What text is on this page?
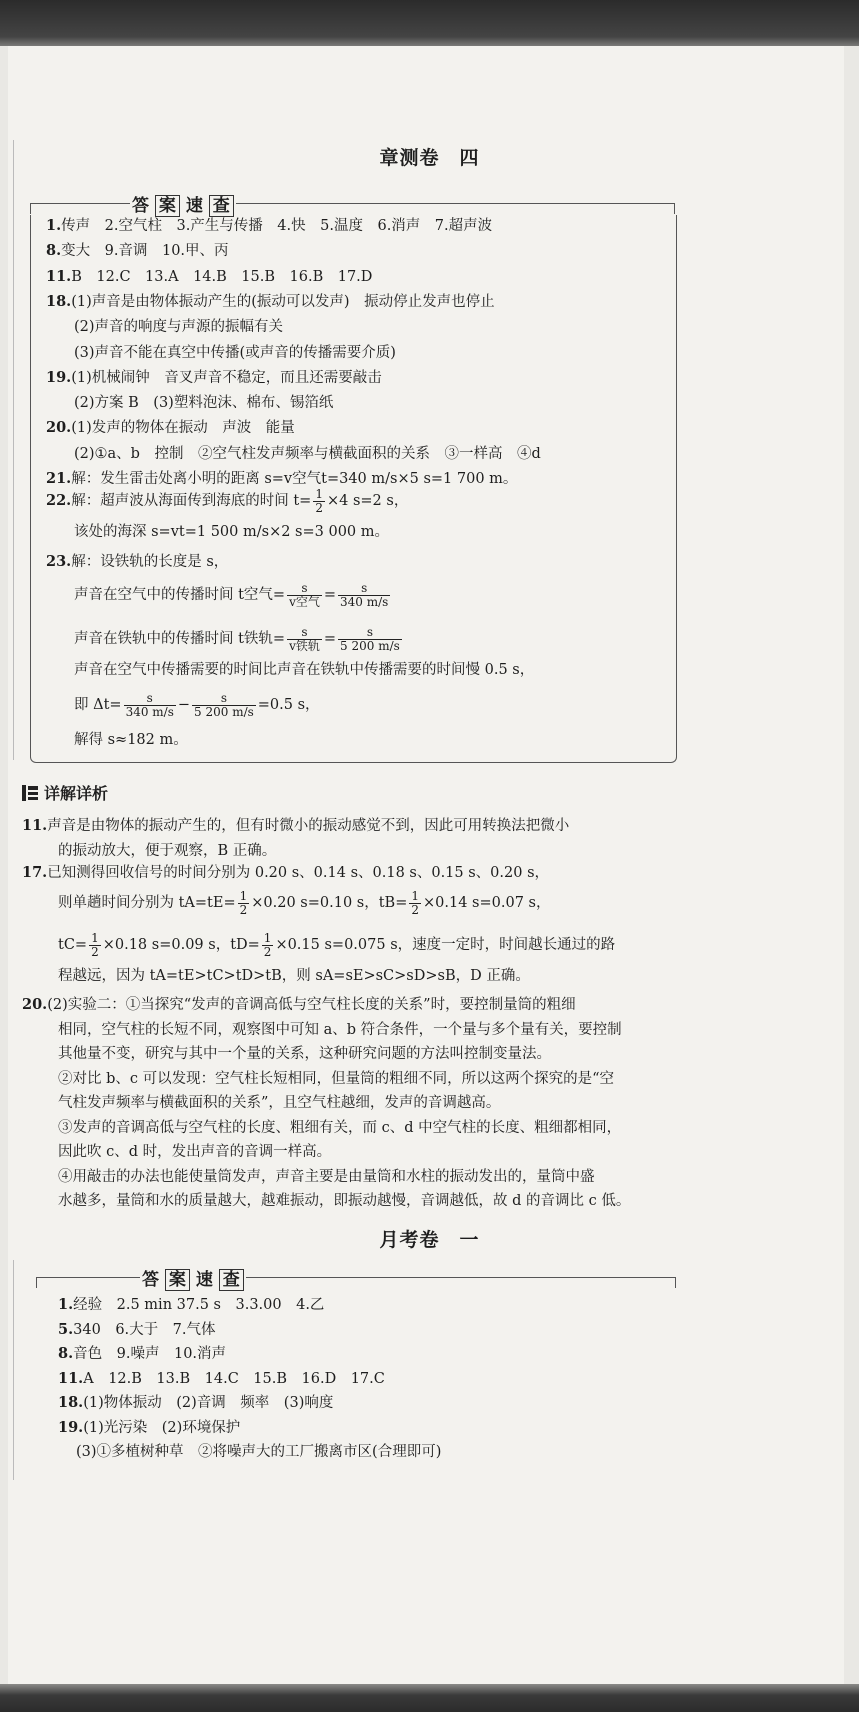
章测卷　四
答 案 速 查
1.传声　2.空气柱　3.产生与传播　4.快　5.温度　6.消声　7.超声波
8.变大　9.音调　10.甲、丙
11.B　12.C　13.A　14.B　15.B　16.B　17.D
18.(1)声音是由物体振动产生的(振动可以发声)　振动停止发声也停止
(2)声音的响度与声源的振幅有关
(3)声音不能在真空中传播(或声音的传播需要介质)
19.(1)机械闹钟　音叉声音不稳定，而且还需要敲击
(2)方案 B　(3)塑料泡沫、棉布、锡箔纸
20.(1)发声的物体在振动　声波　能量
(2)①a、b　控制　②空气柱发声频率与横截面积的关系　③一样高　④d
21.解：发生雷击处离小明的距离 s=v空气t=340 m/s×5 s=1 700 m。
22.解：超声波从海面传到海底的时间 $t= \frac{1}{2} \times 4$ s=2 s，
该处的海深 s=vt=1 500 m/s×2 s=3 000 m。
23.解：设铁轨的长度是 s，
声音在空气中的传播时间 t空气= $\frac{s}{\text{v空气}} = \frac{s}{340 m/s}$
声音在铁轨中的传播时间 t铁轨= $\frac{s}{\text{v铁轨}} = \frac{s}{5 200 m/s}$
声音在空气中传播需要的时间比声音在铁轨中传播需要的时间慢 0.5 s，
即 $\Delta t= \frac{s}{340 m/s} - \frac{s}{5 200 m/s} =0.5$ s，
解得 s≈182 m。
详解详析
11.声音是由物体的振动产生的，但有时微小的振动感觉不到，因此可用转换法把微小
的振动放大，便于观察，B 正确。
17.已知测得回收信号的时间分别为 0.20 s、0.14 s、0.18 s、0.15 s、0.20 s，
则单趟时间分别为 $tA=tE= \frac{1}{2} \times 0.20$ s=0.10 s，$tB= \frac{1}{2} \times 0.14$ s=0.07 s，
$tC= \frac{1}{2} \times 0.18$ s=0.09 s，$tD= \frac{1}{2} \times 0.15$ s=0.075 s，速度一定时，时间越长通过的路
程越远，因为 tA=tE>tC>tD>tB，则 sA=sE>sC>sD>sB，D 正确。
20.(2)实验二：①当探究“发声的音调高低与空气柱长度的关系”时，要控制量筒的粗细
相同，空气柱的长短不同，观察图中可知 a、b 符合条件，一个量与多个量有关，要控制
其他量不变，研究与其中一个量的关系，这种研究问题的方法叫控制变量法。
②对比 b、c 可以发现：空气柱长短相同，但量筒的粗细不同，所以这两个探究的是“空
气柱发声频率与横截面积的关系”，且空气柱越细，发声的音调越高。
③发声的音调高低与空气柱的长度、粗细有关，而 c、d 中空气柱的长度、粗细都相同，
因此吹 c、d 时，发出声音的音调一样高。
④用敲击的办法也能使量筒发声，声音主要是由量筒和水柱的振动发出的，量筒中盛
水越多，量筒和水的质量越大，越难振动，即振动越慢，音调越低，故 d 的音调比 c 低。
月考卷　一
答 案 速 查
1.经验　2.5 min 37.5 s　3.3.00　4.乙
5.340　6.大于　7.气体
8.音色　9.噪声　10.消声
11.A　12.B　13.B　14.C　15.B　16.D　17.C
18.(1)物体振动　(2)音调　频率　(3)响度
19.(1)光污染　(2)环境保护
(3)①多植树种草　②将噪声大的工厂搬离市区(合理即可)
